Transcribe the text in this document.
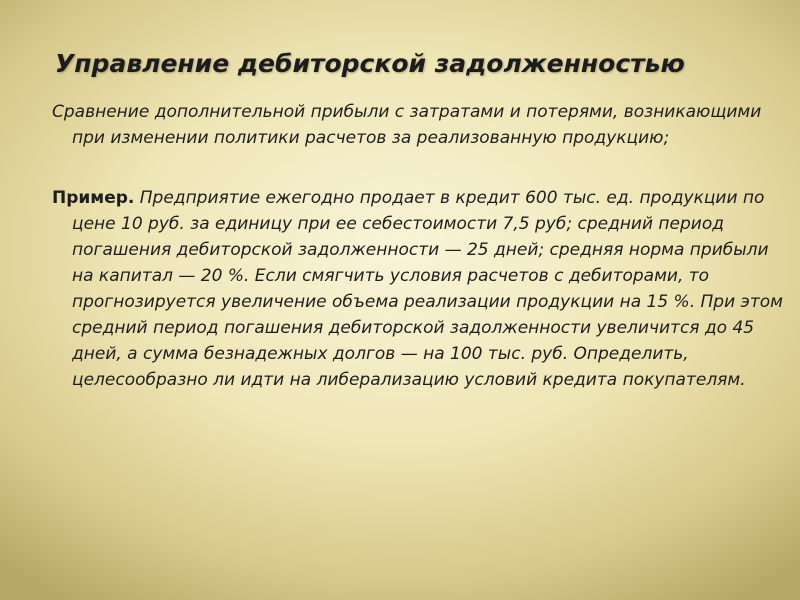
Управление дебиторской задолженностью

Сравнение дополнительной прибыли с затратами и потерями, возникающими при изменении политики расчетов за реализованную продукцию;

Пример. Предприятие ежегодно продает в кредит 600 тыс. ед. продукции по цене 10 руб. за единицу при ее себестоимости 7,5 руб; средний период погашения дебиторской задолженности — 25 дней; средняя норма прибыли на капитал — 20 %. Если смягчить условия расчетов с дебиторами, то прогнозируется увеличение объема реализации продукции на 15 %. При этом средний период погашения дебиторской задолженности увеличится до 45 дней, а сумма безнадежных долгов — на 100 тыс. руб. Определить, целесообразно ли идти на либерализацию условий кредита покупателям.
